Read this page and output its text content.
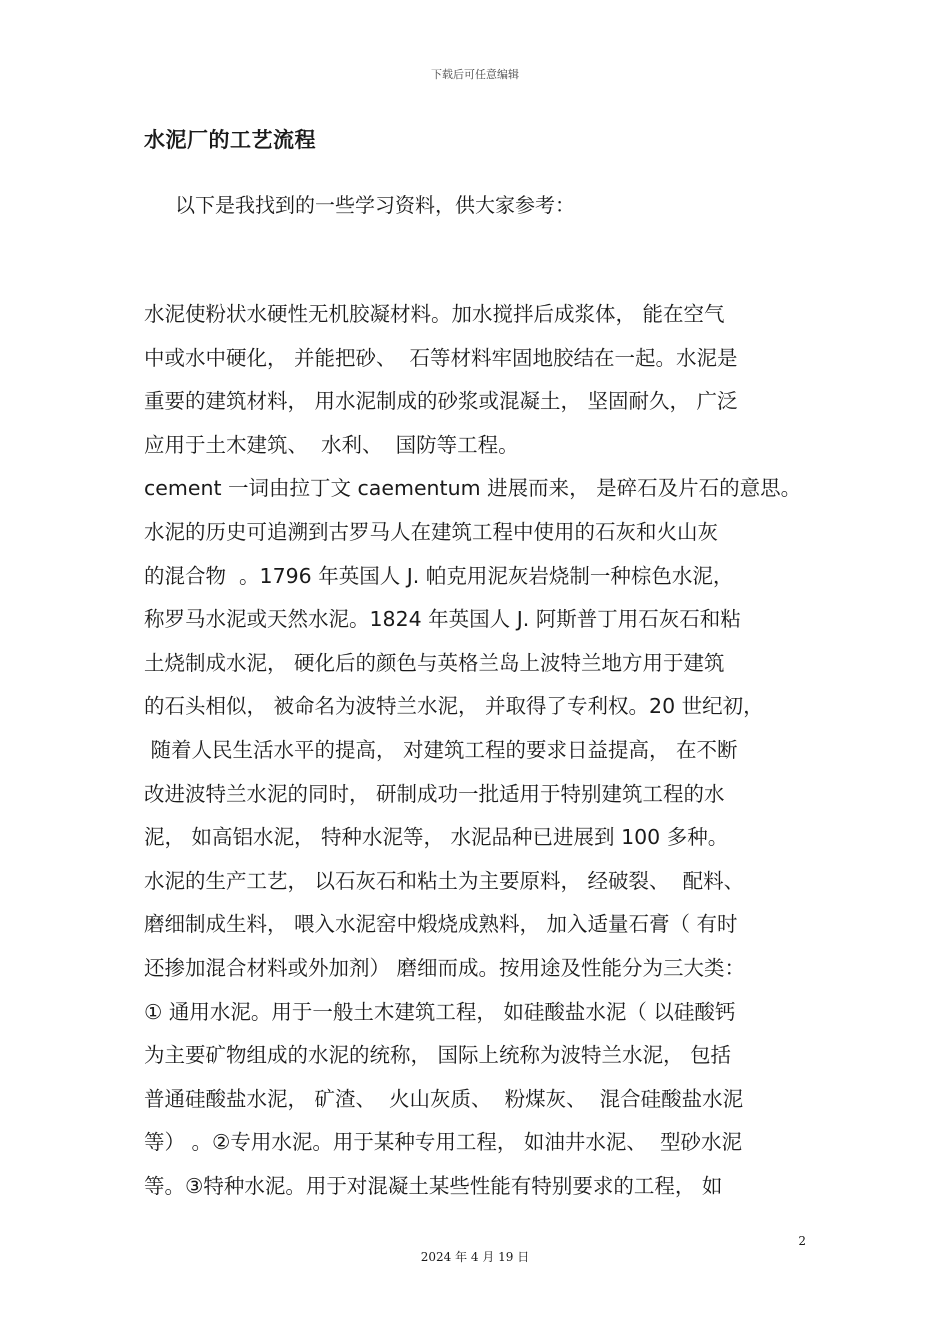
下载后可任意编辑
水泥厂的工艺流程
以下是我找到的一些学习资料，供大家参考：
水泥使粉状水硬性无机胶凝材料。加水搅拌后成浆体， 能在空气
中或水中硬化， 并能把砂、  石等材料牢固地胶结在一起。水泥是
重要的建筑材料， 用水泥制成的砂浆或混凝土， 坚固耐久， 广泛
应用于土木建筑、  水利、  国防等工程。
cement 一词由拉丁文 caementum 进展而来， 是碎石及片石的意思。
水泥的历史可追溯到古罗马人在建筑工程中使用的石灰和火山灰
的混合物  。1796 年英国人 J. 帕克用泥灰岩烧制一种棕色水泥，
称罗马水泥或天然水泥。1824 年英国人 J. 阿斯普丁用石灰石和粘
土烧制成水泥， 硬化后的颜色与英格兰岛上波特兰地方用于建筑
的石头相似， 被命名为波特兰水泥， 并取得了专利权。20 世纪初，
随着人民生活水平的提高， 对建筑工程的要求日益提高， 在不断
改进波特兰水泥的同时， 研制成功一批适用于特别建筑工程的水
泥， 如高铝水泥， 特种水泥等， 水泥品种已进展到 100 多种。
水泥的生产工艺， 以石灰石和粘土为主要原料， 经破裂、  配料、
磨细制成生料， 喂入水泥窑中煅烧成熟料， 加入适量石膏（ 有时
还掺加混合材料或外加剂） 磨细而成。按用途及性能分为三大类：
① 通用水泥。用于一般土木建筑工程， 如硅酸盐水泥（ 以硅酸钙
为主要矿物组成的水泥的统称， 国际上统称为波特兰水泥， 包括
普通硅酸盐水泥， 矿渣、  火山灰质、  粉煤灰、  混合硅酸盐水泥
等） 。②专用水泥。用于某种专用工程， 如油井水泥、  型砂水泥
等。③特种水泥。用于对混凝土某些性能有特别要求的工程， 如
2
2024 年 4 月 19 日
